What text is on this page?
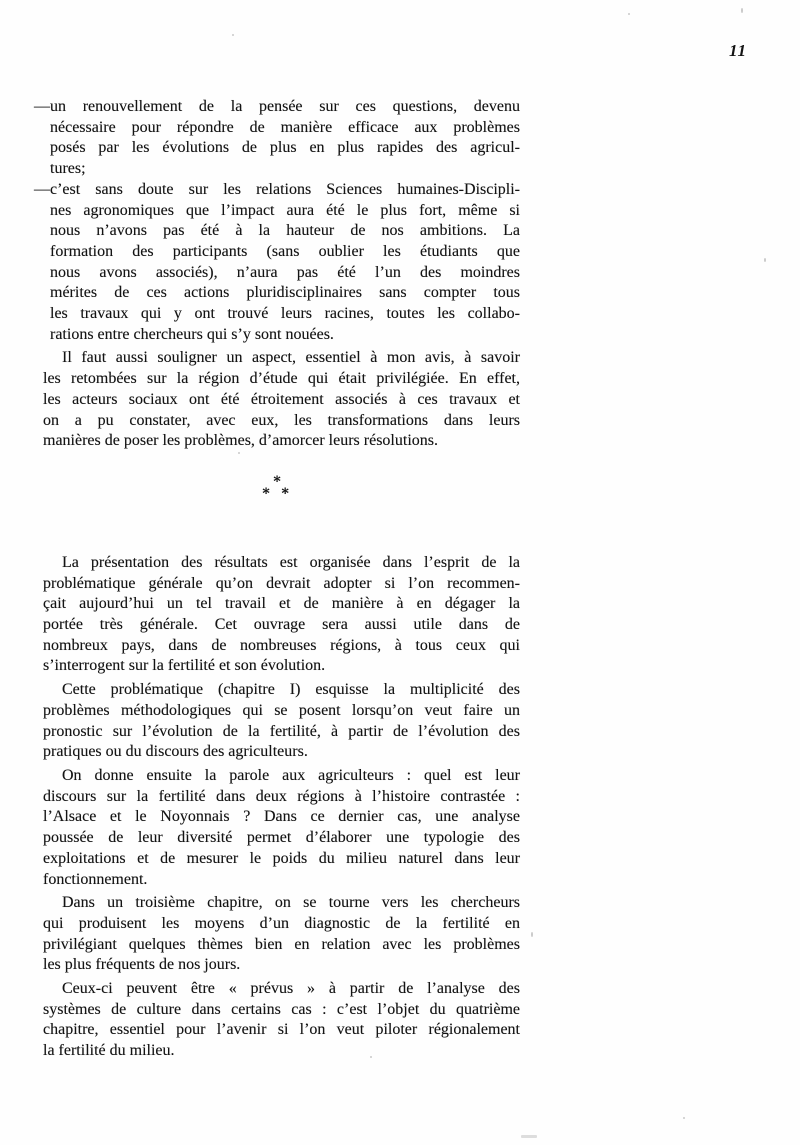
11
— un renouvellement de la pensée sur ces questions, devenu
nécessaire pour répondre de manière efficace aux problèmes
posés par les évolutions de plus en plus rapides des agricul-
tures;
— c’est sans doute sur les relations Sciences humaines-Discipli-
nes agronomiques que l’impact aura été le plus fort, même si
nous n’avons pas été à la hauteur de nos ambitions. La
formation des participants (sans oublier les étudiants que
nous avons associés), n’aura pas été l’un des moindres
mérites de ces actions pluridisciplinaires sans compter tous
les travaux qui y ont trouvé leurs racines, toutes les collabo-
rations entre chercheurs qui s’y sont nouées.
Il faut aussi souligner un aspect, essentiel à mon avis, à savoir
les retombées sur la région d’étude qui était privilégiée. En effet,
les acteurs sociaux ont été étroitement associés à ces travaux et
on a pu constater, avec eux, les transformations dans leurs
manières de poser les problèmes, d’amorcer leurs résolutions.
∗
∗ ∗
La présentation des résultats est organisée dans l’esprit de la
problématique générale qu’on devrait adopter si l’on recommen-
çait aujourd’hui un tel travail et de manière à en dégager la
portée très générale. Cet ouvrage sera aussi utile dans de
nombreux pays, dans de nombreuses régions, à tous ceux qui
s’interrogent sur la fertilité et son évolution.
Cette problématique (chapitre I) esquisse la multiplicité des
problèmes méthodologiques qui se posent lorsqu’on veut faire un
pronostic sur l’évolution de la fertilité, à partir de l’évolution des
pratiques ou du discours des agriculteurs.
On donne ensuite la parole aux agriculteurs : quel est leur
discours sur la fertilité dans deux régions à l’histoire contrastée :
l’Alsace et le Noyonnais ? Dans ce dernier cas, une analyse
poussée de leur diversité permet d’élaborer une typologie des
exploitations et de mesurer le poids du milieu naturel dans leur
fonctionnement.
Dans un troisième chapitre, on se tourne vers les chercheurs
qui produisent les moyens d’un diagnostic de la fertilité en
privilégiant quelques thèmes bien en relation avec les problèmes
les plus fréquents de nos jours.
Ceux-ci peuvent être « prévus » à partir de l’analyse des
systèmes de culture dans certains cas : c’est l’objet du quatrième
chapitre, essentiel pour l’avenir si l’on veut piloter régionalement
la fertilité du milieu.
